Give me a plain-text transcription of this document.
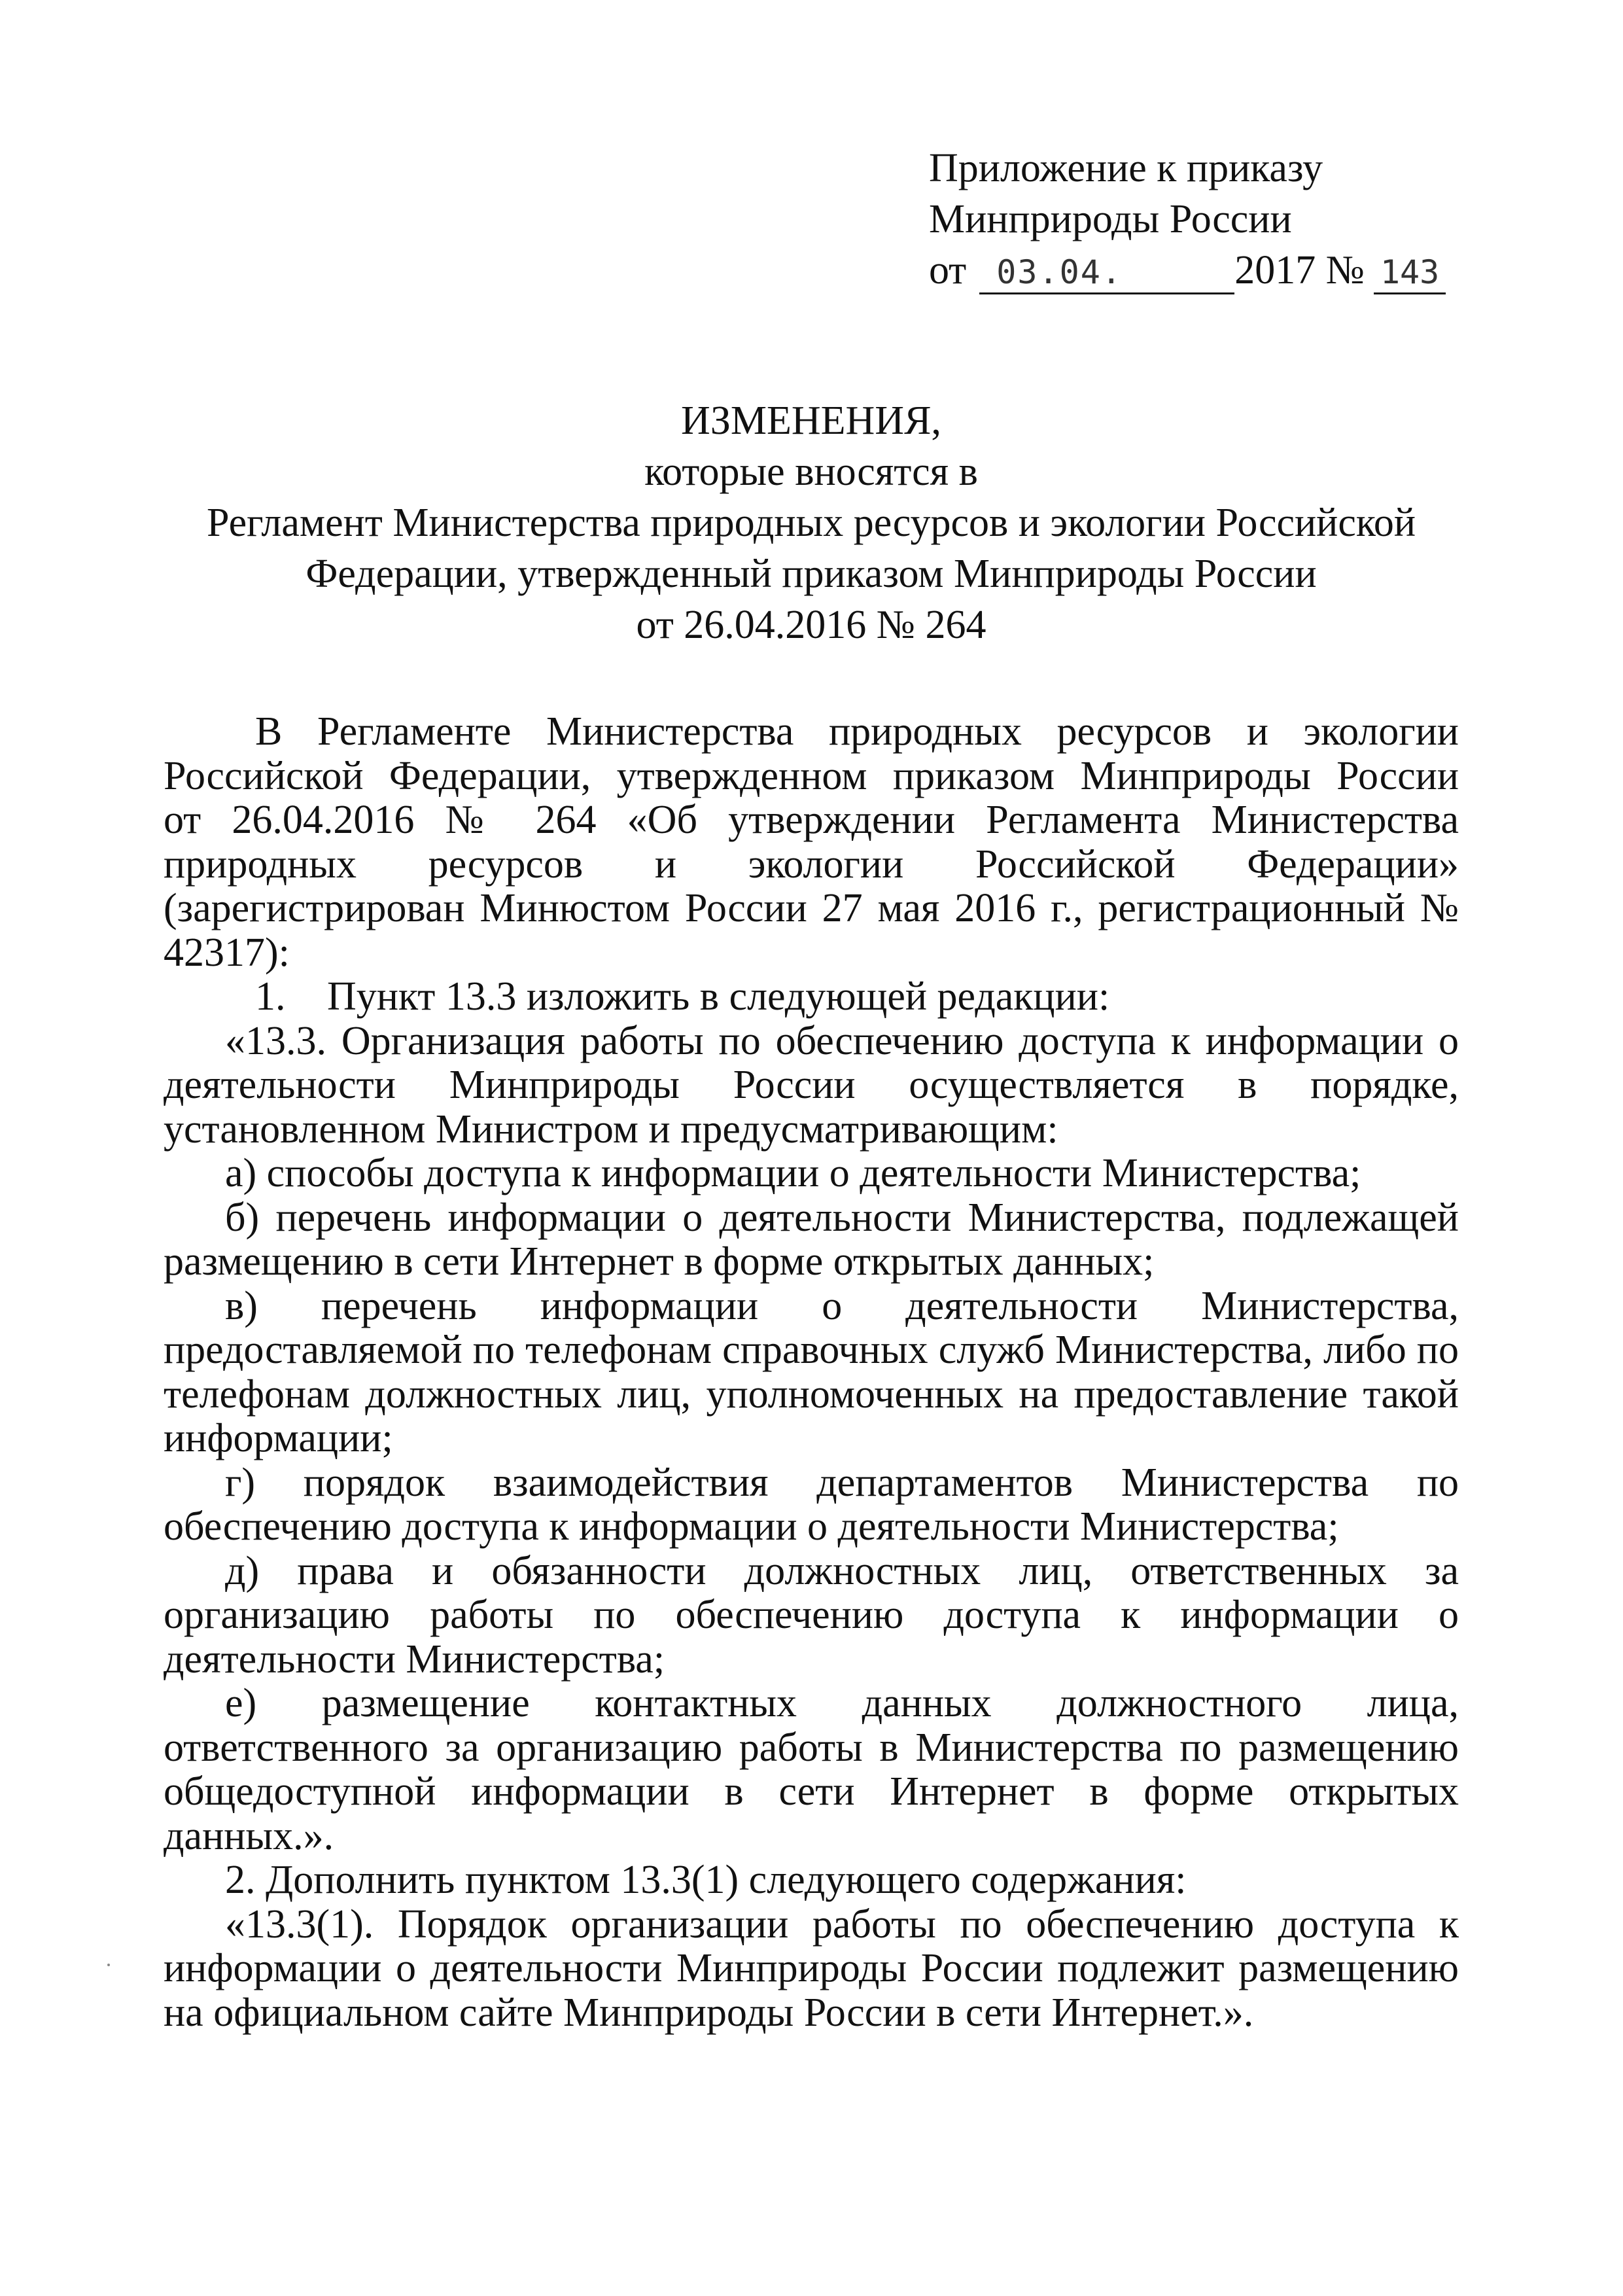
Приложение к приказу
Минприроды России
от 03.04.	2017 № 143
ИЗМЕНЕНИЯ,
которые вносятся в
Регламент Министерства природных ресурсов и экологии Российской
Федерации, утвержденный приказом Минприроды России
от 26.04.2016 № 264

В Регламенте Министерства природных ресурсов и экологии Российской Федерации, утвержденном приказом Минприроды России

от 26.04.2016 № 264 «Об утверждении Регламента Министерства природных ресурсов и экологии Российской Федерации» (зарегистрирован Минюстом России 27 мая 2016 г., регистрационный № 42317):

1. Пункт 13.3 изложить в следующей редакции:

«13.3. Организация работы по обеспечению доступа к информации о деятельности Минприроды России осуществляется в порядке, установленном Министром и предусматривающим:

а) способы доступа к информации о деятельности Министерства;

б) перечень информации о деятельности Министерства, подлежащей размещению в сети Интернет в форме открытых данных;

в) перечень информации о деятельности Министерства, предоставляемой по телефонам справочных служб Министерства, либо по телефонам должностных лиц, уполномоченных на предоставление такой информации;

г) порядок взаимодействия департаментов Министерства по обеспечению доступа к информации о деятельности Министерства;

д) права и обязанности должностных лиц, ответственных за организацию работы по обеспечению доступа к информации о деятельности Министерства;

е) размещение контактных данных должностного лица, ответственного за организацию работы в Министерства по размещению общедоступной информации в сети Интернет в форме открытых данных.».

2. Дополнить пунктом 13.3(1) следующего содержания:

«13.3(1). Порядок организации работы по обеспечению доступа к информации о деятельности Минприроды России подлежит размещению на официальном сайте Минприроды России в сети Интернет.».
